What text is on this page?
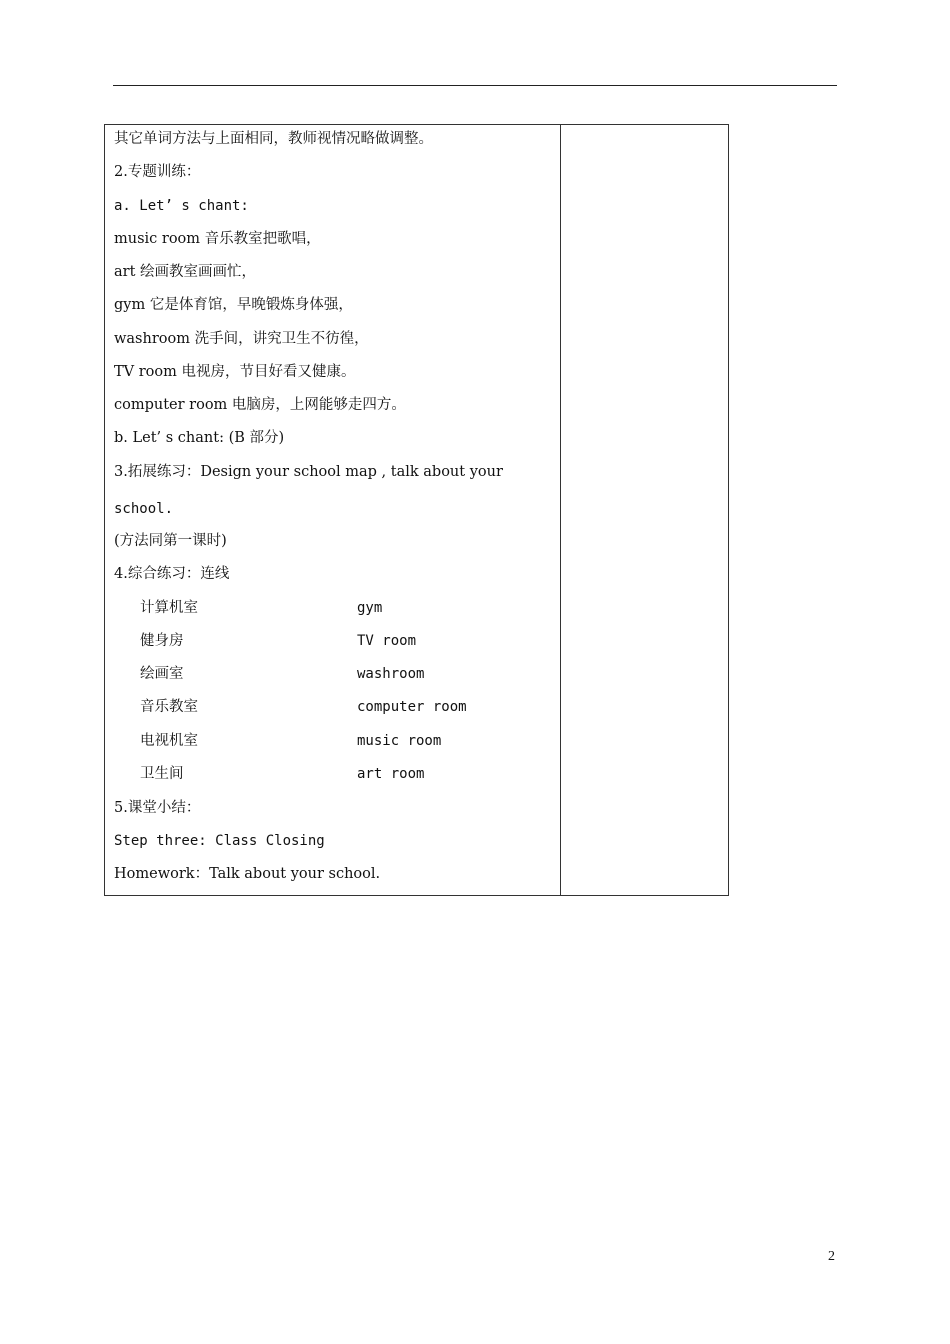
其它单词方法与上面相同，教师视情况略做调整。
2.专题训练：
a. Let’ s chant:
music room 音乐教室把歌唱，
art 绘画教室画画忙，
gym 它是体育馆，早晚锻炼身体强，
washroom 洗手间，讲究卫生不彷徨，
TV room 电视房，节目好看又健康。
computer room 电脑房，上网能够走四方。
b. Let’ s chant: (B 部分)
3.拓展练习：Design your school map , talk about your
school.
(方法同第一课时)
4.综合练习：连线
计算机室	gym
健身房	TV room
绘画室	washroom
音乐教室	computer room
电视机室	music room
卫生间	art room
5.课堂小结：
Step three: Class Closing
Homework：Talk about your school.
2
